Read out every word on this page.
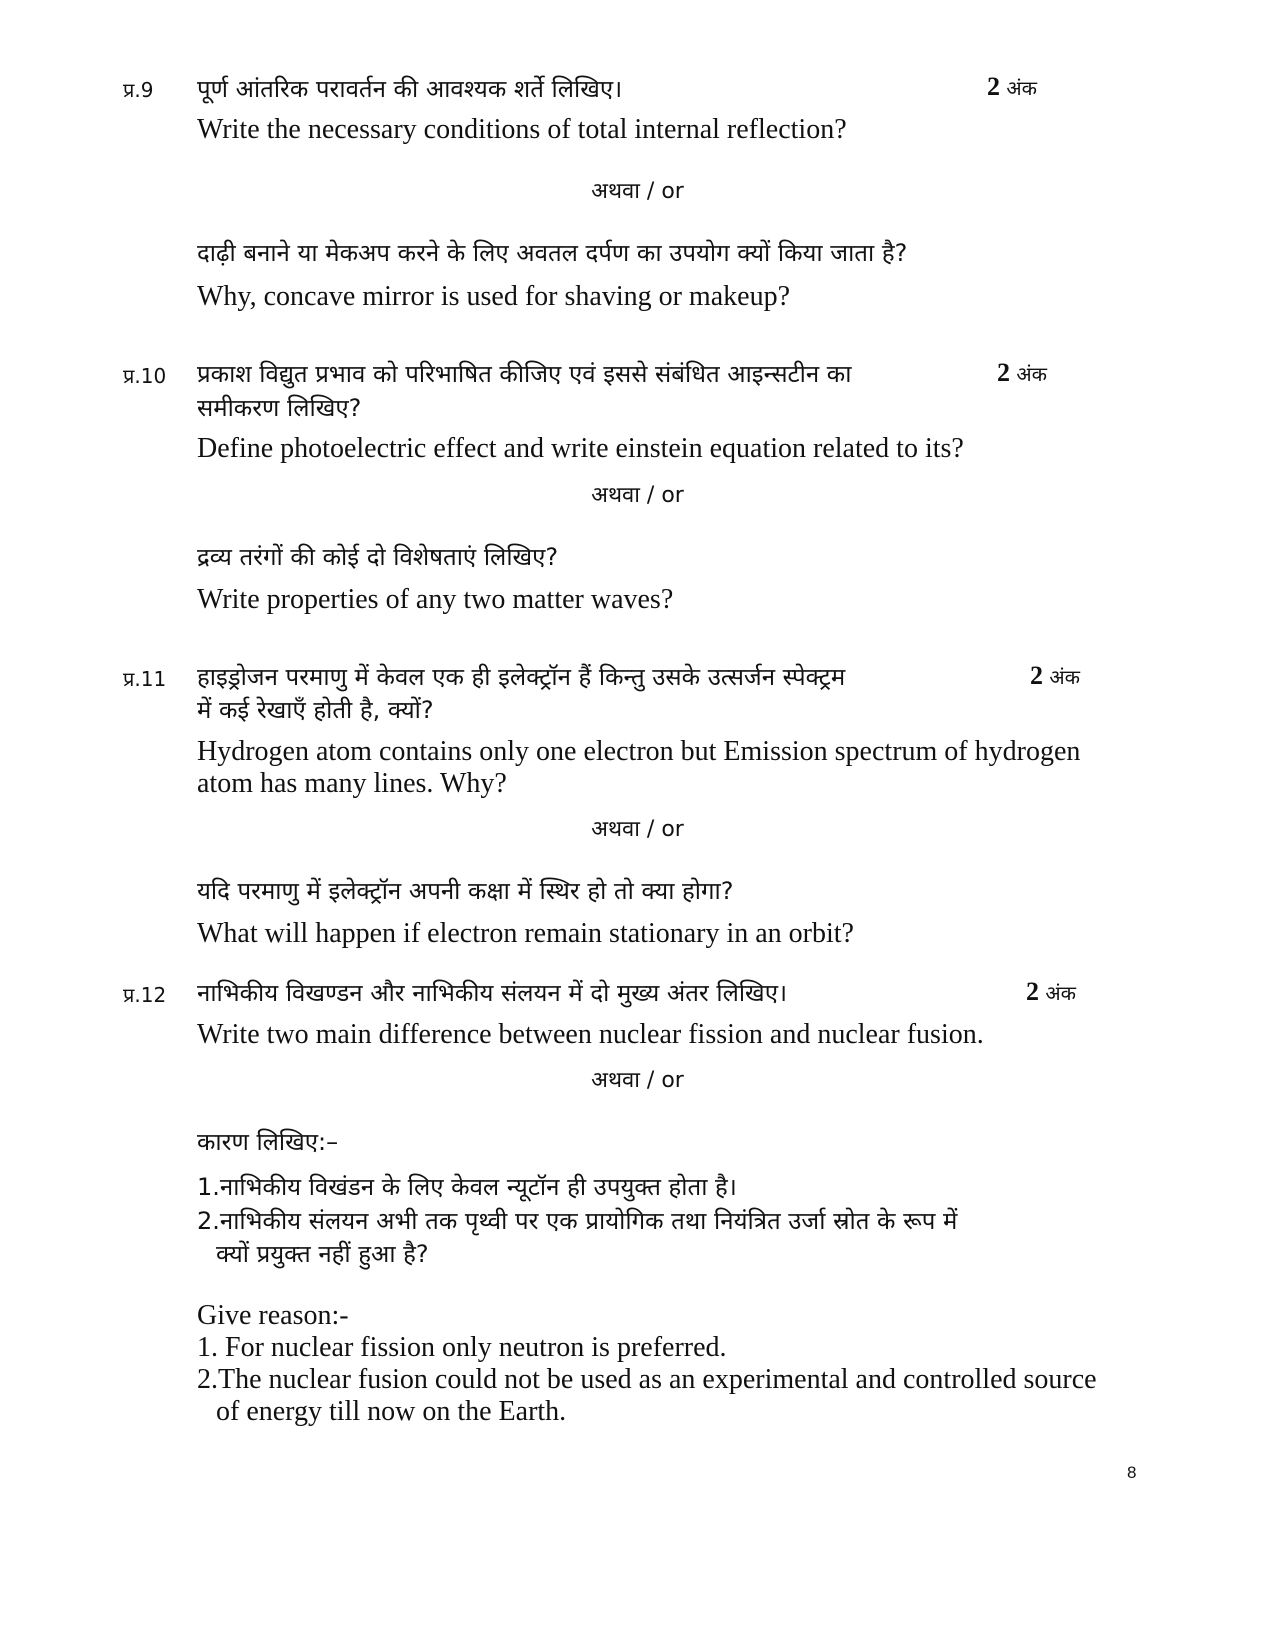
प्र.9 पूर्ण आंतरिक परावर्तन की आवश्यक शर्ते लिखिए।	2 अंक
Write the necessary conditions of total internal reflection?
अथवा / or
दाढ़ी बनाने या मेकअप करने के लिए अवतल दर्पण का उपयोग क्यों किया जाता है?
Why, concave mirror is used for shaving or makeup?
प्र.10 प्रकाश विद्युत प्रभाव को परिभाषित कीजिए एवं इससे संबंधित आइन्सटीन का
समीकरण लिखिए?
2 अंक
Define photoelectric effect and write einstein equation related to its?
अथवा / or
द्रव्य तरंगों की कोई दो विशेषताएं लिखिए?
Write properties of any two matter waves?
प्र.11 हाइड्रोजन परमाणु में केवल एक ही इलेक्ट्रॉन हैं किन्तु उसके उत्सर्जन स्पेक्ट्रम
में कई रेखाएँ होती है, क्यों?
2 अंक
Hydrogen atom contains only one electron but Emission spectrum of hydrogen
atom has many lines. Why?
अथवा / or
यदि परमाणु में इलेक्ट्रॉन अपनी कक्षा में स्थिर हो तो क्या होगा?
What will happen if electron remain stationary in an orbit?
प्र.12 नाभिकीय विखण्डन और नाभिकीय संलयन में दो मुख्य अंतर लिखिए।	2 अंक
Write two main difference between nuclear fission and nuclear fusion.
अथवा / or
कारण लिखिए:–
1.नाभिकीय विखंडन के लिए केवल न्यूटॉन ही उपयुक्त होता है।
2.नाभिकीय संलयन अभी तक पृथ्वी पर एक प्रायोगिक तथा नियंत्रित उर्जा स्रोत के रूप में
क्यों प्रयुक्त नहीं हुआ है?
Give reason:-
1. For nuclear fission only neutron is preferred.
2.The nuclear fusion could not be used as an experimental and controlled source
of energy till now on the Earth.
8
